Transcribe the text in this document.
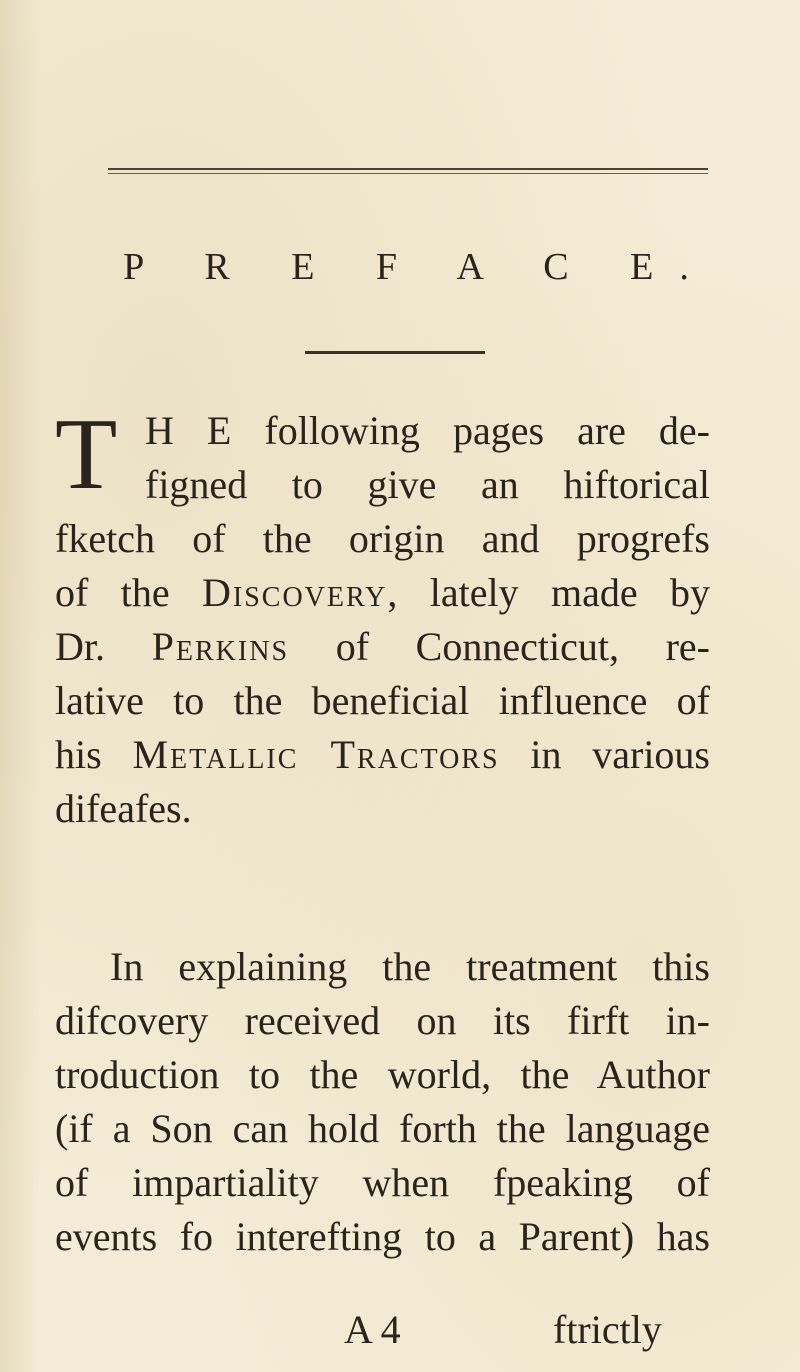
P R E F A C E.
T H E following pages are de-
figned to give an hiftorical
fketch of the origin and progrefs
of the Discovery, lately made by
Dr. Perkins of Connecticut, re-
lative to the beneficial influence of
his Metallic Tractors in various
difeafes.
In explaining the treatment this
difcovery received on its firft in-
troduction to the world, the Author
(if a Son can hold forth the language
of impartiality when fpeaking of
events fo interefting to a Parent) has
A 4	ftrictly
